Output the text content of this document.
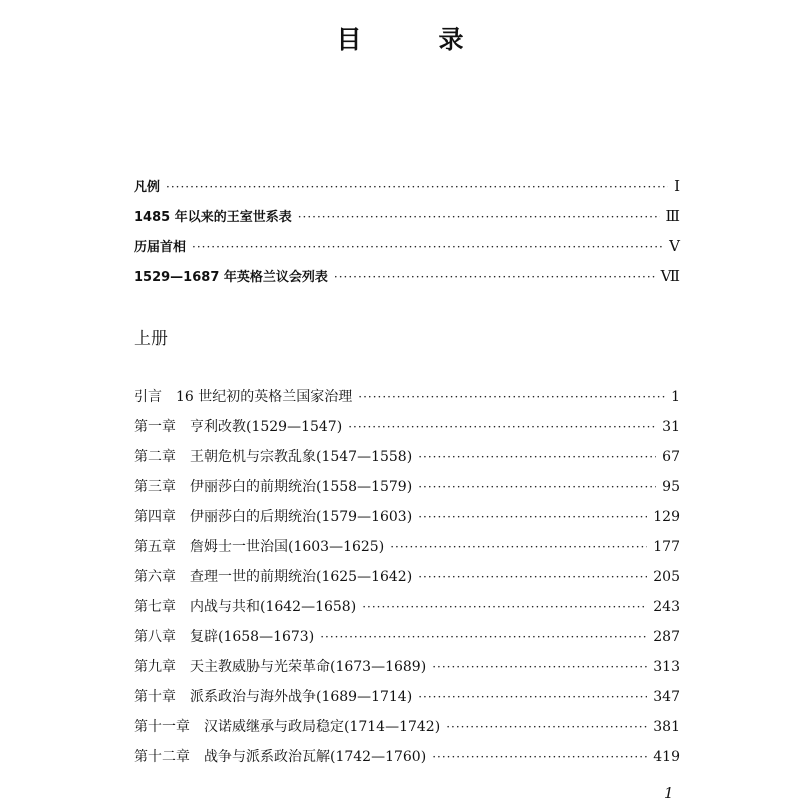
目　录
凡例 ·····	Ⅰ
1485 年以来的王室世系表 ·····	Ⅲ
历届首相 ·····	Ⅴ
1529—1687 年英格兰议会列表 ·····	Ⅶ
上册
引言 16 世纪初的英格兰国家治理 ·····	1
第一章 亨利改教(1529—1547) ·····	31
第二章 王朝危机与宗教乱象(1547—1558) ·····	67
第三章 伊丽莎白的前期统治(1558—1579) ·····	95
第四章 伊丽莎白的后期统治(1579—1603) ·····	129
第五章 詹姆士一世治国(1603—1625) ·····	177
第六章 查理一世的前期统治(1625—1642) ·····	205
第七章 内战与共和(1642—1658) ·····	243
第八章 复辟(1658—1673) ·····	287
第九章 天主教威胁与光荣革命(1673—1689) ·····	313
第十章 派系政治与海外战争(1689—1714) ·····	347
第十一章 汉诺威继承与政局稳定(1714—1742) ·····	381
第十二章 战争与派系政治瓦解(1742—1760) ·····	419
1
